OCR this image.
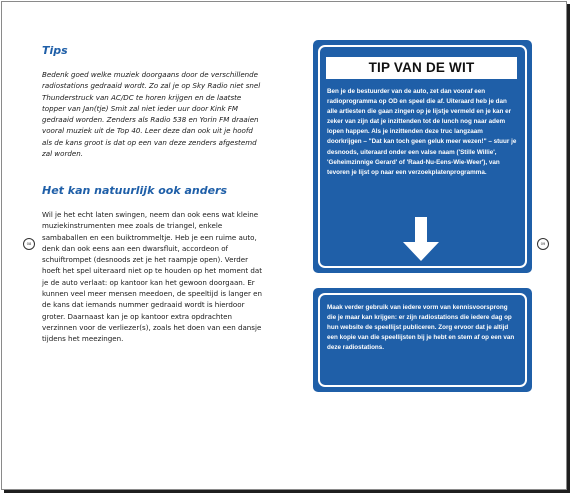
08	09
Tips

Bedenk goed welke muziek doorgaans door de verschillende radiostations gedraaid wordt. Zo zal je op Sky Radio niet snel Thunderstruck van AC/DC te horen krijgen en de laatste topper van Jan(tje) Smit zal niet ieder uur door Kink FM gedraaid worden. Zenders als Radio 538 en Yorin FM draaien vooral muziek uit de Top 40. Leer deze dan ook uit je hoofd als de kans groot is dat op een van deze zenders afgestemd zal worden.

Het kan natuurlijk ook anders

Wil je het echt laten swingen, neem dan ook eens wat kleine muziekinstrumenten mee zoals de triangel, enkele sambaballen en een buiktrommeltje. Heb je een ruime auto, denk dan ook eens aan een dwarsfluit, accordeon of schuiftrompet (desnoods zet je het raampje open). Verder hoeft het spel uiteraard niet op te houden op het moment dat je de auto verlaat: op kantoor kan het gewoon doorgaan. Er kunnen veel meer mensen meedoen, de speeltijd is langer en de kans dat iemands nummer gedraaid wordt is hierdoor groter. Daarnaast kan je op kantoor extra opdrachten verzinnen voor de verliezer(s), zoals het doen van een dansje tijdens het meezingen.

TIP VAN DE WIT

Ben je de bestuurder van de auto, zet dan vooraf een radioprogramma op OD en speel die af. Uiteraard heb je dan alle artiesten die gaan zingen op je lijstje vermeld en je kan er zeker van zijn dat je inzittenden tot de lunch nog naar adem lopen happen. Als je inzittenden deze truc langzaam doorkrijgen – "Dat kan toch geen geluk meer wezen!" – stuur je desnoods, uiteraard onder een valse naam ('Stille Willie', 'Geheimzinnige Gerard' of 'Raad-Nu-Eens-Wie-Weer'), van tevoren je lijst op naar een verzoekplatenprogramma.

Maak verder gebruik van iedere vorm van kennisvoorsprong die je maar kan krijgen: er zijn radiostations die iedere dag op hun website de speellijst publiceren. Zorg ervoor dat je altijd een kopie van die speellijsten bij je hebt en stem af op een van deze radiostations.
